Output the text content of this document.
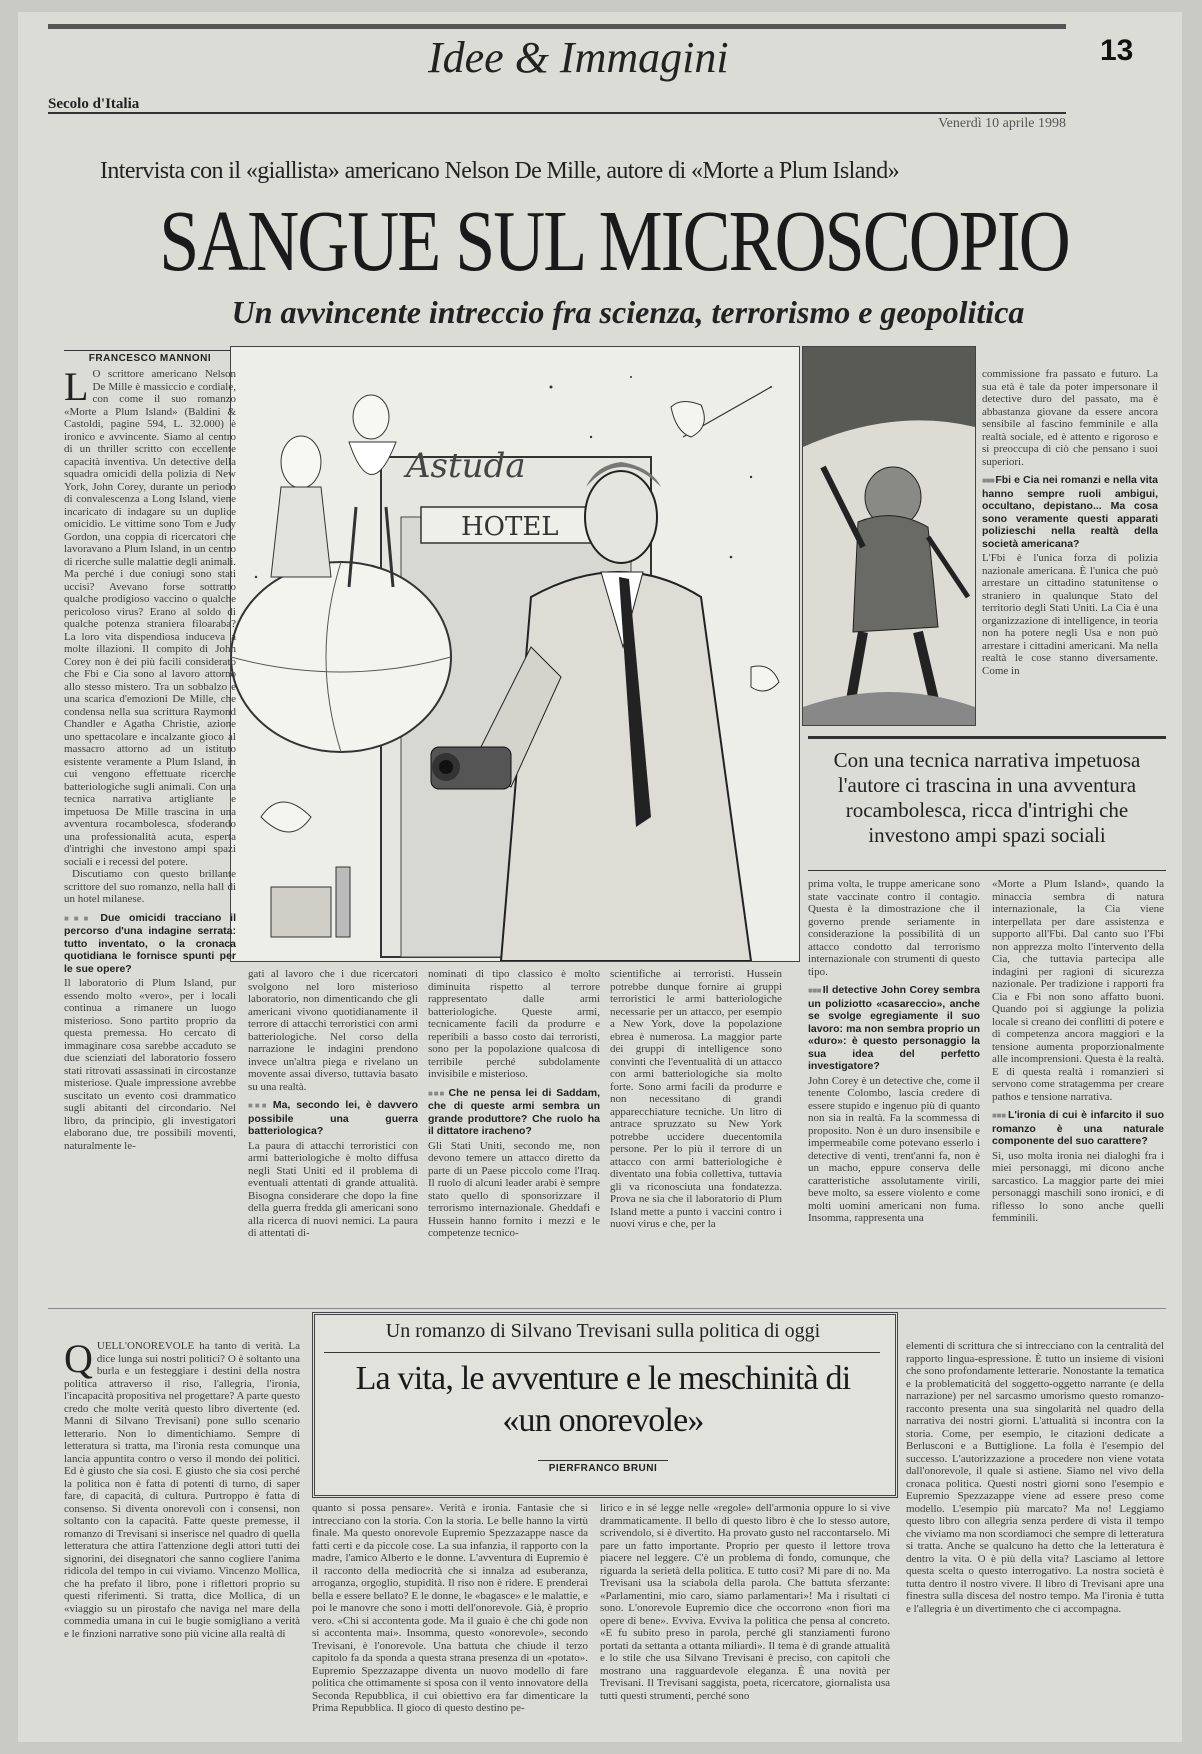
Idee & Immagini	13
Secolo d'Italia
Venerdì 10 aprile 1998
Intervista con il «giallista» americano Nelson De Mille, autore di «Morte a Plum Island»
SANGUE SUL MICROSCOPIO
Un avvincente intreccio fra scienza, terrorismo e geopolitica
FRANCESCO MANNONI
HOTEL
Astuda
L O scrittore americano Nelson De Mille è massiccio e cordiale, con come il suo romanzo «Morte a Plum Island» (Baldini & Castoldi, pagine 594, L. 32.000) è ironico e avvincente. Siamo al centro di un thriller scritto con eccellente capacità inventiva. Un detective della squadra omicidi della polizia di New York, John Corey, durante un periodo di convalescenza a Long Island, viene incaricato di indagare su un duplice omicidio. Le vittime sono Tom e Judy Gordon, una coppia di ricercatori che lavoravano a Plum Island, in un centro di ricerche sulle malattie degli animali. Ma perché i due coniugi sono stati uccisi? Avevano forse sottratto qualche prodigioso vaccino o qualche pericoloso virus? Erano al soldo di qualche potenza straniera filoaraba? La loro vita dispendiosa induceva a molte illazioni. Il compito di John Corey non è dei più facili considerato che Fbi e Cia sono al lavoro attorno allo stesso mistero. Tra un sobbalzo e una scarica d'emozioni De Mille, che condensa nella sua scrittura Raymond Chandler e Agatha Christie, azione uno spettacolare e incalzante gioco al massacro attorno ad un istituto esistente veramente a Plum Island, in cui vengono effettuate ricerche batteriologiche sugli animali. Con una tecnica narrativa artigliante e impetuosa De Mille trascina in una avventura rocambolesca, sfoderando una professionalità acuta, esperta d'intrighi che investono ampi spazi sociali e i recessi del potere.

Discutiamo con questo brillante scrittore del suo romanzo, nella hall di un hotel milanese.

■■■ Due omicidi tracciano il percorso d'una indagine serrata: tutto inventato, o la cronaca quotidiana le fornisce spunti per le sue opere?
Il laboratorio di Plum Island, pur essendo molto «vero», per i locali continua a rimanere un luogo misterioso. Sono partito proprio da questa premessa. Ho cercato di immaginare cosa sarebbe accaduto se due scienziati del laboratorio fossero stati ritrovati assassinati in circostanze misteriose. Quale impressione avrebbe suscitato un evento così drammatico sugli abitanti del circondario. Nel libro, da principio, gli investigatori elaborano due, tre possibili moventi, naturalmente le-
gati al lavoro che i due ricercatori svolgono nel loro misterioso laboratorio, non dimenticando che gli americani vivono quotidianamente il terrore di attacchi terroristici con armi batteriologiche. Nel corso della narrazione le indagini prendono invece un'altra piega e rivelano un movente assai diverso, tuttavia basato su una realtà.
■■■ Ma, secondo lei, è davvero possibile una guerra batteriologica?
La paura di attacchi terroristici con armi batteriologiche è molto diffusa negli Stati Uniti ed il problema di eventuali attentati di grande attualità. Bisogna considerare che dopo la fine della guerra fredda gli americani sono alla ricerca di nuovi nemici. La paura di attentati di-
nominati di tipo classico è molto diminuita rispetto al terrore rappresentato dalle armi batteriologiche. Queste armi, tecnicamente facili da produrre e reperibili a basso costo dai terroristi, sono per la popolazione qualcosa di terribile perché subdolamente invisibile e misterioso.
■■■ Che ne pensa lei di Saddam, che di queste armi sembra un grande produttore? Che ruolo ha il dittatore iracheno?
Gli Stati Uniti, secondo me, non devono temere un attacco diretto da parte di un Paese piccolo come l'Iraq. Il ruolo di alcuni leader arabi è sempre stato quello di sponsorizzare il terrorismo internazionale. Gheddafi e Hussein hanno fornito i mezzi e le competenze tecnico-
scientifiche ai terroristi. Hussein potrebbe dunque fornire ai gruppi terroristici le armi batteriologiche necessarie per un attacco, per esempio a New York, dove la popolazione ebrea è numerosa. La maggior parte dei gruppi di intelligence sono convinti che l'eventualità di un attacco con armi batteriologiche sia molto forte. Sono armi facili da produrre e non necessitano di grandi apparecchiature tecniche. Un litro di antrace spruzzato su New York potrebbe uccidere duecentomila persone. Per lo più il terrore di un attacco con armi batteriologiche è diventato una fobia collettiva, tuttavia gli va riconosciuta una fondatezza. Prova ne sia che il laboratorio di Plum Island mette a punto i vaccini contro i nuovi virus e che, per la
commissione fra passato e futuro. La sua età è tale da poter impersonare il detective duro del passato, ma è abbastanza giovane da essere ancora sensibile al fascino femminile e alla realtà sociale, ed è attento e rigoroso e si preoccupa di ciò che pensano i suoi superiori.
■■■ Fbi e Cia nei romanzi e nella vita hanno sempre ruoli ambigui, occultano, depistano... Ma cosa sono veramente questi apparati polizieschi nella realtà della società americana?
L'Fbi è l'unica forza di polizia nazionale americana. È l'unica che può arrestare un cittadino statunitense o straniero in qualunque Stato del territorio degli Stati Uniti. La Cia è una organizzazione di intelligence, in teoria non ha potere negli Usa e non può arrestare i cittadini americani. Ma nella realtà le cose stanno diversamente. Come in
Con una tecnica narrativa impetuosa l'autore ci trascina in una avventura rocambolesca, ricca d'intrighi che investono ampi spazi sociali
prima volta, le truppe americane sono state vaccinate contro il contagio. Questa è la dimostrazione che il governo prende seriamente in considerazione la possibilità di un attacco condotto dal terrorismo internazionale con strumenti di questo tipo.
■■■ Il detective John Corey sembra un poliziotto «casareccio», anche se svolge egregiamente il suo lavoro: ma non sembra proprio un «duro»: è questo personaggio la sua idea del perfetto investigatore?
John Corey è un detective che, come il tenente Colombo, lascia credere di essere stupido e ingenuo più di quanto non sia in realtà. Fa la scommessa di proposito. Non è un duro insensibile e impermeabile come potevano esserlo i detective di venti, trent'anni fa, non è un macho, eppure conserva delle caratteristiche assolutamente virili, beve molto, sa essere violento e come molti uomini americani non fuma. Insomma, rappresenta una
«Morte a Plum Island», quando la minaccia sembra di natura internazionale, la Cia viene interpellata per dare assistenza e supporto all'Fbi. Dal canto suo l'Fbi non apprezza molto l'intervento della Cia, che tuttavia partecipa alle indagini per ragioni di sicurezza nazionale. Per tradizione i rapporti fra Cia e Fbi non sono affatto buoni. Quando poi si aggiunge la polizia locale si creano dei conflitti di potere e di competenza ancora maggiori e la tensione aumenta proporzionalmente alle incomprensioni. Questa è la realtà. E di questa realtà i romanzieri si servono come stratagemma per creare pathos e tensione narrativa.
■■■ L'ironia di cui è infarcito il suo romanzo è una naturale componente del suo carattere?
Sì, uso molta ironia nei dialoghi fra i miei personaggi, mi dicono anche sarcastico. La maggior parte dei miei personaggi maschili sono ironici, e di riflesso lo sono anche quelli femminili.
Un romanzo di Silvano Trevisani sulla politica di oggi
La vita, le avventure e le meschinità di «un onorevole»
PIERFRANCO BRUNI
QUELL'ONOREVOLE ha tanto di verità. La dice lunga sui nostri politici? O è soltanto una burla e un festeggiare i destini della nostra politica attraverso il riso, l'allegria, l'ironia, l'incapacità propositiva nel progettare? A parte questo credo che molte verità questo libro divertente (ed. Manni di Silvano Trevisani) pone sullo scenario letterario. Non lo dimentichiamo. Sempre di letteratura si tratta, ma l'ironia resta comunque una lancia appuntita contro o verso il mondo dei politici. Ed è giusto che sia così. E giusto che sia così perché la politica non è fatta di potenti di turno, di saper fare, di capacità, di cultura. Purtroppo è fatta di consenso. Si diventa onorevoli con i consensi, non soltanto con la capacità. Fatte queste premesse, il romanzo di Trevisani si inserisce nel quadro di quella letteratura che attira l'attenzione degli attori tutti dei signorini, dei disegnatori che sanno cogliere l'anima ridicola del tempo in cui viviamo. Vincenzo Mollica, che ha prefato il libro, pone i riflettori proprio su questi riferimenti. Si tratta, dice Mollica, di un «viaggio su un pirostafo che naviga nel mare della commedia umana in cui le bugie somigliano a verità e le finzioni narrative sono più vicine alla realtà di
quanto si possa pensare». Verità e ironia. Fantasie che si intrecciano con la storia. Con la storia. Le belle hanno la virtù finale. Ma questo onorevole Eupremio Spezzazappe nasce da fatti certi e da piccole cose. La sua infanzia, il rapporto con la madre, l'amico Alberto e le donne. L'avventura di Eupremio è il racconto della mediocrità che si innalza ad esuberanza, arroganza, orgoglio, stupidità. Il riso non è ridere. E prenderai bella e essere bellato? E le donne, le «bagasce» e le malattie, e poi le manovre che sono i motti dell'onorevole. Già, è proprio vero. «Chi si accontenta gode. Ma il guaio è che chi gode non si accontenta mai». Insomma, questo «onorevole», secondo Trevisani, è l'onorevole. Una battuta che chiude il terzo capitolo fa da sponda a questa strana presenza di un «potato». Eupremio Spezzazappe diventa un nuovo modello di fare politica che ottimamente si sposa con il vento innovatore della Seconda Repubblica, il cui obiettivo era far dimenticare la Prima Repubblica. Il gioco di questo destino pe-
lirico e in sé legge nelle «regole» dell'armonia oppure lo si vive drammaticamente. Il bello di questo libro è che lo stesso autore, scrivendolo, si è divertito. Ha provato gusto nel raccontarselo. Mi pare un fatto importante. Proprio per questo il lettore trova piacere nel leggere. C'è un problema di fondo, comunque, che riguarda la serietà della politica. E tutto così? Mi pare di no. Ma Trevisani usa la sciabola della parola. Che battuta sferzante: «Parlamentini, mio caro, siamo parlamentari»! Ma i risultati ci sono. L'onorevole Eupremio dice che occorrono «non fiori ma opere di bene». Evviva. Evviva la politica che pensa al concreto. «E fu subito preso in parola, perché gli stanziamenti furono portati da settanta a ottanta miliardi». Il tema è di grande attualità e lo stile che usa Silvano Trevisani è preciso, con capitoli che mostrano una ragguardevole eleganza. È una novità per Trevisani. Il Trevisani saggista, poeta, ricercatore, giornalista usa tutti questi strumenti, perché sono
elementi di scrittura che si intrecciano con la centralità del rapporto lingua-espressione. È tutto un insieme di visioni che sono profondamente letterarie. Nonostante la tematica e la problematicità del soggetto-oggetto narrante (e della narrazione) per nel sarcasmo umorismo questo romanzo-racconto presenta una sua singolarità nel quadro della narrativa dei nostri giorni. L'attualità si incontra con la storia. Come, per esempio, le citazioni dedicate a Berlusconi e a Buttiglione. La folla è l'esempio del successo. L'autorizzazione a procedere non viene votata dall'onorevole, il quale si astiene. Siamo nel vivo della cronaca politica. Questi nostri giorni sono l'esempio e Eupremio Spezzazappe viene ad essere preso come modello. L'esempio più marcato? Ma no! Leggiamo questo libro con allegria senza perdere di vista il tempo che viviamo ma non scordiamoci che sempre di letteratura si tratta. Anche se qualcuno ha detto che la letteratura è dentro la vita. O è più della vita? Lasciamo al lettore questa scelta o questo interrogativo. La nostra società è tutta dentro il nostro vivere. Il libro di Trevisani apre una finestra sulla discesa del nostro tempo. Ma l'ironia è tutta e l'allegria è un divertimento che ci accompagna.
